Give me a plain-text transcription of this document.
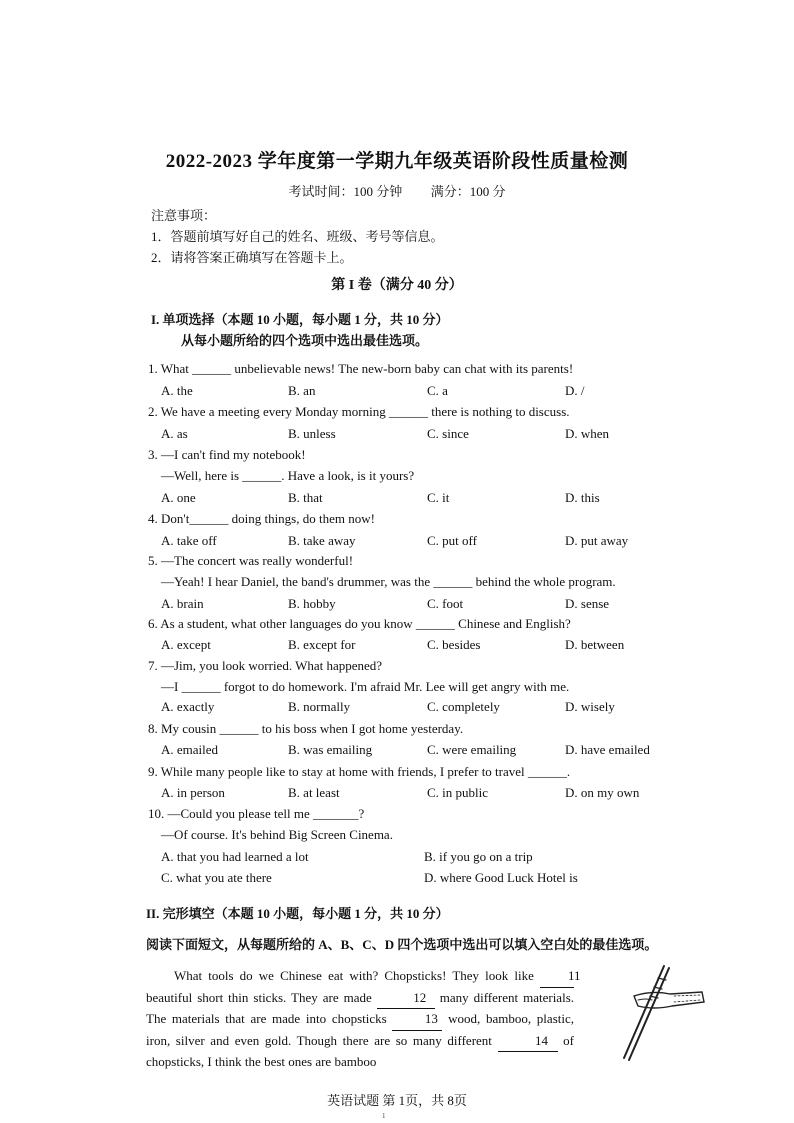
2022-2023 学年度第一学期九年级英语阶段性质量检测
考试时间：100 分钟 满分：100 分
注意事项：
1．答题前填写好自己的姓名、班级、考号等信息。
2．请将答案正确填写在答题卡上。
第 I 卷（满分 40 分）
I. 单项选择（本题 10 小题，每小题 1 分，共 10 分）
从每小题所给的四个选项中选出最佳选项。
1. What ______ unbelievable news! The new-born baby can chat with its parents!
A. the	B. an	C. a	D. /
2. We have a meeting every Monday morning ______ there is nothing to discuss.
A. as	B. unless	C. since	D. when
3. —I can't find my notebook!
—Well, here is ______. Have a look, is it yours?
A. one	B. that	C. it	D. this
4. Don't______ doing things, do them now!
A. take off	B. take away	C. put off	D. put away
5. —The concert was really wonderful!
—Yeah! I hear Daniel, the band's drummer, was the ______ behind the whole program.
A. brain	B. hobby	C. foot	D. sense
6. As a student, what other languages do you know ______ Chinese and English?
A. except	B. except for	C. besides	D. between
7. —Jim, you look worried. What happened?
—I ______ forgot to do homework. I'm afraid Mr. Lee will get angry with me.
A. exactly	B. normally	C. completely	D. wisely
8. My cousin ______ to his boss when I got home yesterday.
A. emailed	B. was emailing	C. were emailing	D. have emailed
9. While many people like to stay at home with friends, I prefer to travel ______.
A. in person	B. at least	C. in public	D. on my own
10. —Could you please tell me _______?
—Of course. It's behind Big Screen Cinema.
A. that you had learned a lot	B. if you go on a trip
C. what you ate there	D. where Good Luck Hotel is
II. 完形填空（本题 10 小题，每小题 1 分，共 10 分）
阅读下面短文，从每题所给的 A、B、C、D 四个选项中选出可以填入空白处的最佳选项。
What tools do we Chinese eat with? Chopsticks! They look like 11 beautiful short thin sticks. They are made	12 many different materials. The materials that are made into chopsticks	13 wood, bamboo, plastic, iron, silver and even gold. Though there are so many different	14 of chopsticks, I think the best ones are bamboo
英语试题 第 1页，共 8页
1
